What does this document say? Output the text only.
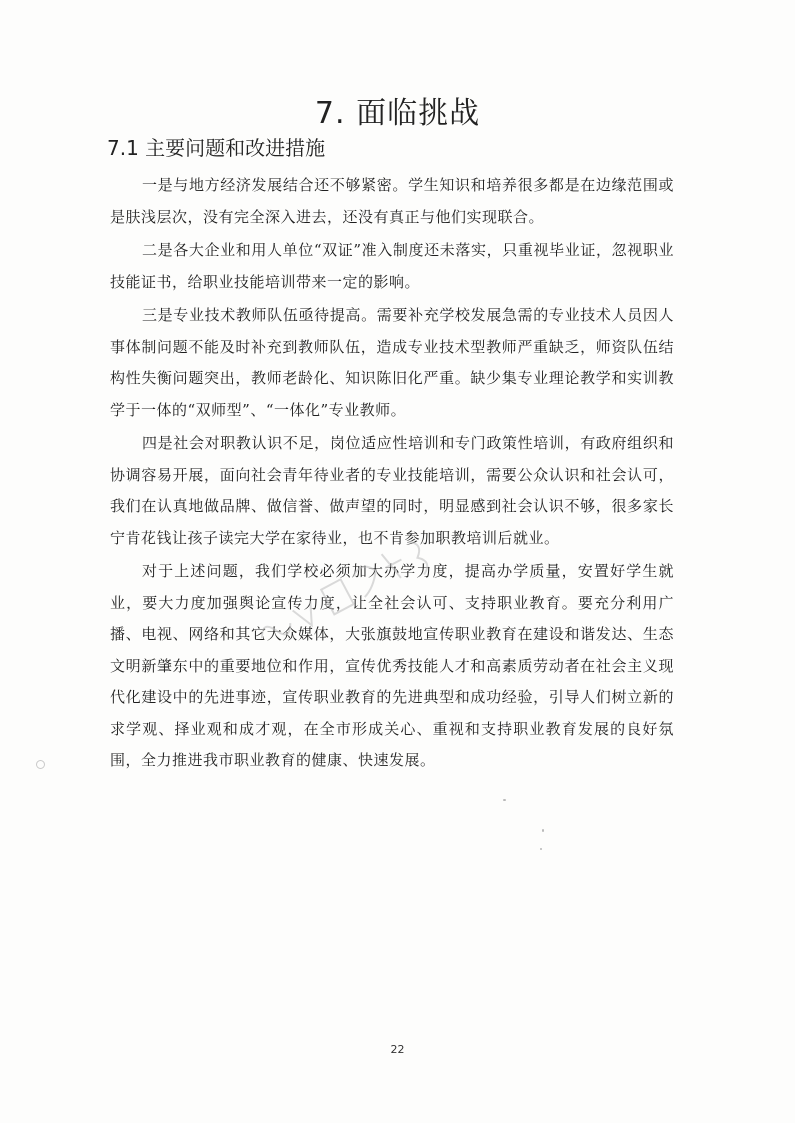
7. 面临挑战
7.1 主要问题和改进措施

一是与地方经济发展结合还不够紧密。学生知识和培养很多都是在边缘范围或是肤浅层次，没有完全深入进去，还没有真正与他们实现联合。

二是各大企业和用人单位“双证”准入制度还未落实，只重视毕业证，忽视职业技能证书，给职业技能培训带来一定的影响。

三是专业技术教师队伍亟待提高。需要补充学校发展急需的专业技术人员因人事体制问题不能及时补充到教师队伍，造成专业技术型教师严重缺乏，师资队伍结构性失衡问题突出，教师老龄化、知识陈旧化严重。缺少集专业理论教学和实训教学于一体的“双师型”、“一体化”专业教师。

四是社会对职教认识不足，岗位适应性培训和专门政策性培训，有政府组织和协调容易开展，面向社会青年待业者的专业技能培训，需要公众认识和社会认可，我们在认真地做品牌、做信誉、做声望的同时，明显感到社会认识不够，很多家长宁肯花钱让孩子读完大学在家待业，也不肯参加职教培训后就业。

对于上述问题，我们学校必须加大办学力度，提高办学质量，安置好学生就业，要大力度加强舆论宣传力度，让全社会认可、支持职业教育。要充分利用广播、电视、网络和其它大众媒体，大张旗鼓地宣传职业教育在建设和谐发达、生态文明新肇东中的重要地位和作用，宣传优秀技能人才和高素质劳动者在社会主义现代化建设中的先进事迹，宣传职业教育的先进典型和成功经验，引导人们树立新的求学观、择业观和成才观，在全市形成关心、重视和支持职业教育发展的良好氛围，全力推进我市职业教育的健康、快速发展。

22
